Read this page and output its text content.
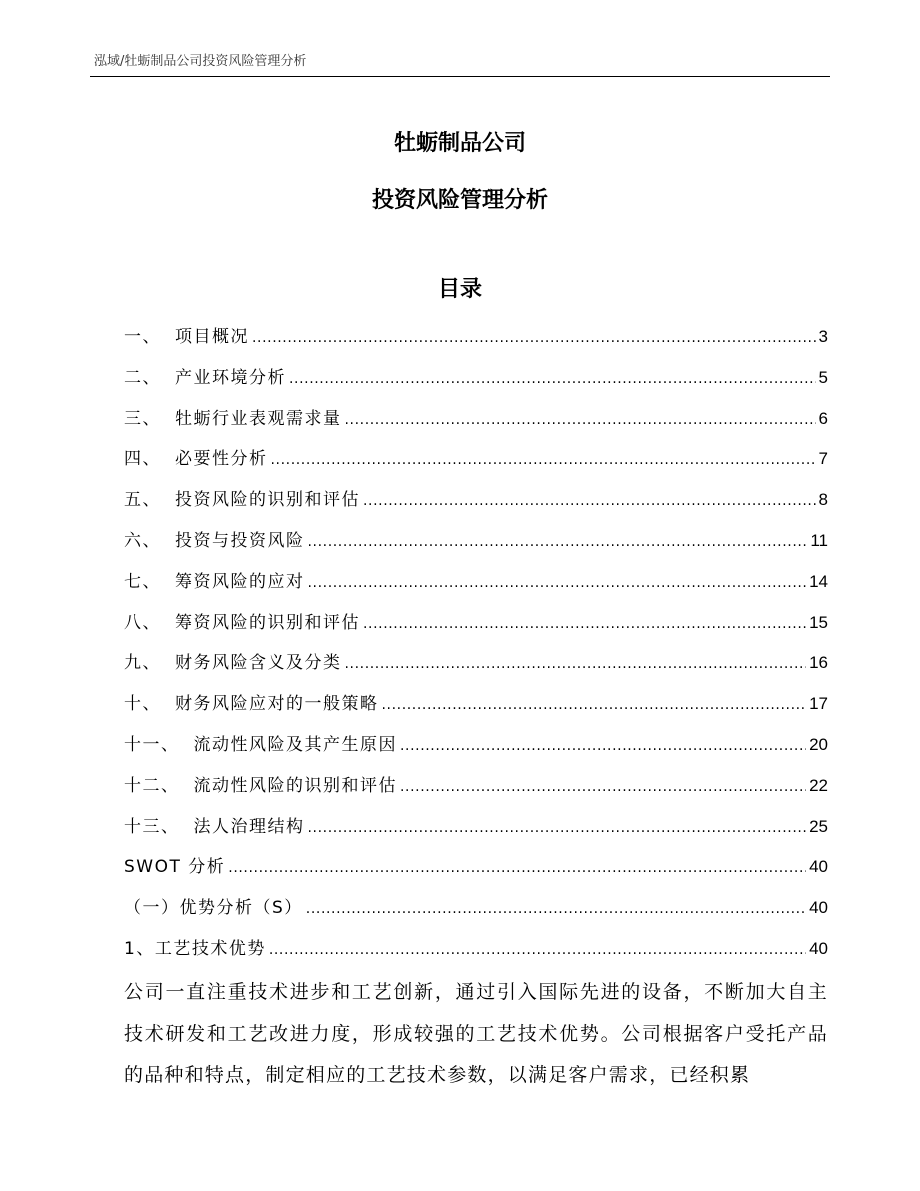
泓域/牡蛎制品公司投资风险管理分析
牡蛎制品公司
投资风险管理分析
目录
一、 项目概况 .....	3
二、 产业环境分析 .....	5
三、 牡蛎行业表观需求量 .....	6
四、 必要性分析 .....	7
五、 投资风险的识别和评估 .....	8
六、 投资与投资风险 .....	11
七、 筹资风险的应对 .....	14
八、 筹资风险的识别和评估 .....	15
九、 财务风险含义及分类 .....	16
十、 财务风险应对的一般策略 .....	17
十一、 流动性风险及其产生原因 .....	20
十二、 流动性风险的识别和评估 .....	22
十三、 法人治理结构 .....	25
SWOT 分析 .....	40
（一）优势分析（S） .....	40
1、工艺技术优势 .....	40
公司一直注重技术进步和工艺创新，通过引入国际先进的设备，不断加大自主技术研发和工艺改进力度，形成较强的工艺技术优势。公司根据客户受托产品的品种和特点，制定相应的工艺技术参数，以满足客户需求，已经积累
